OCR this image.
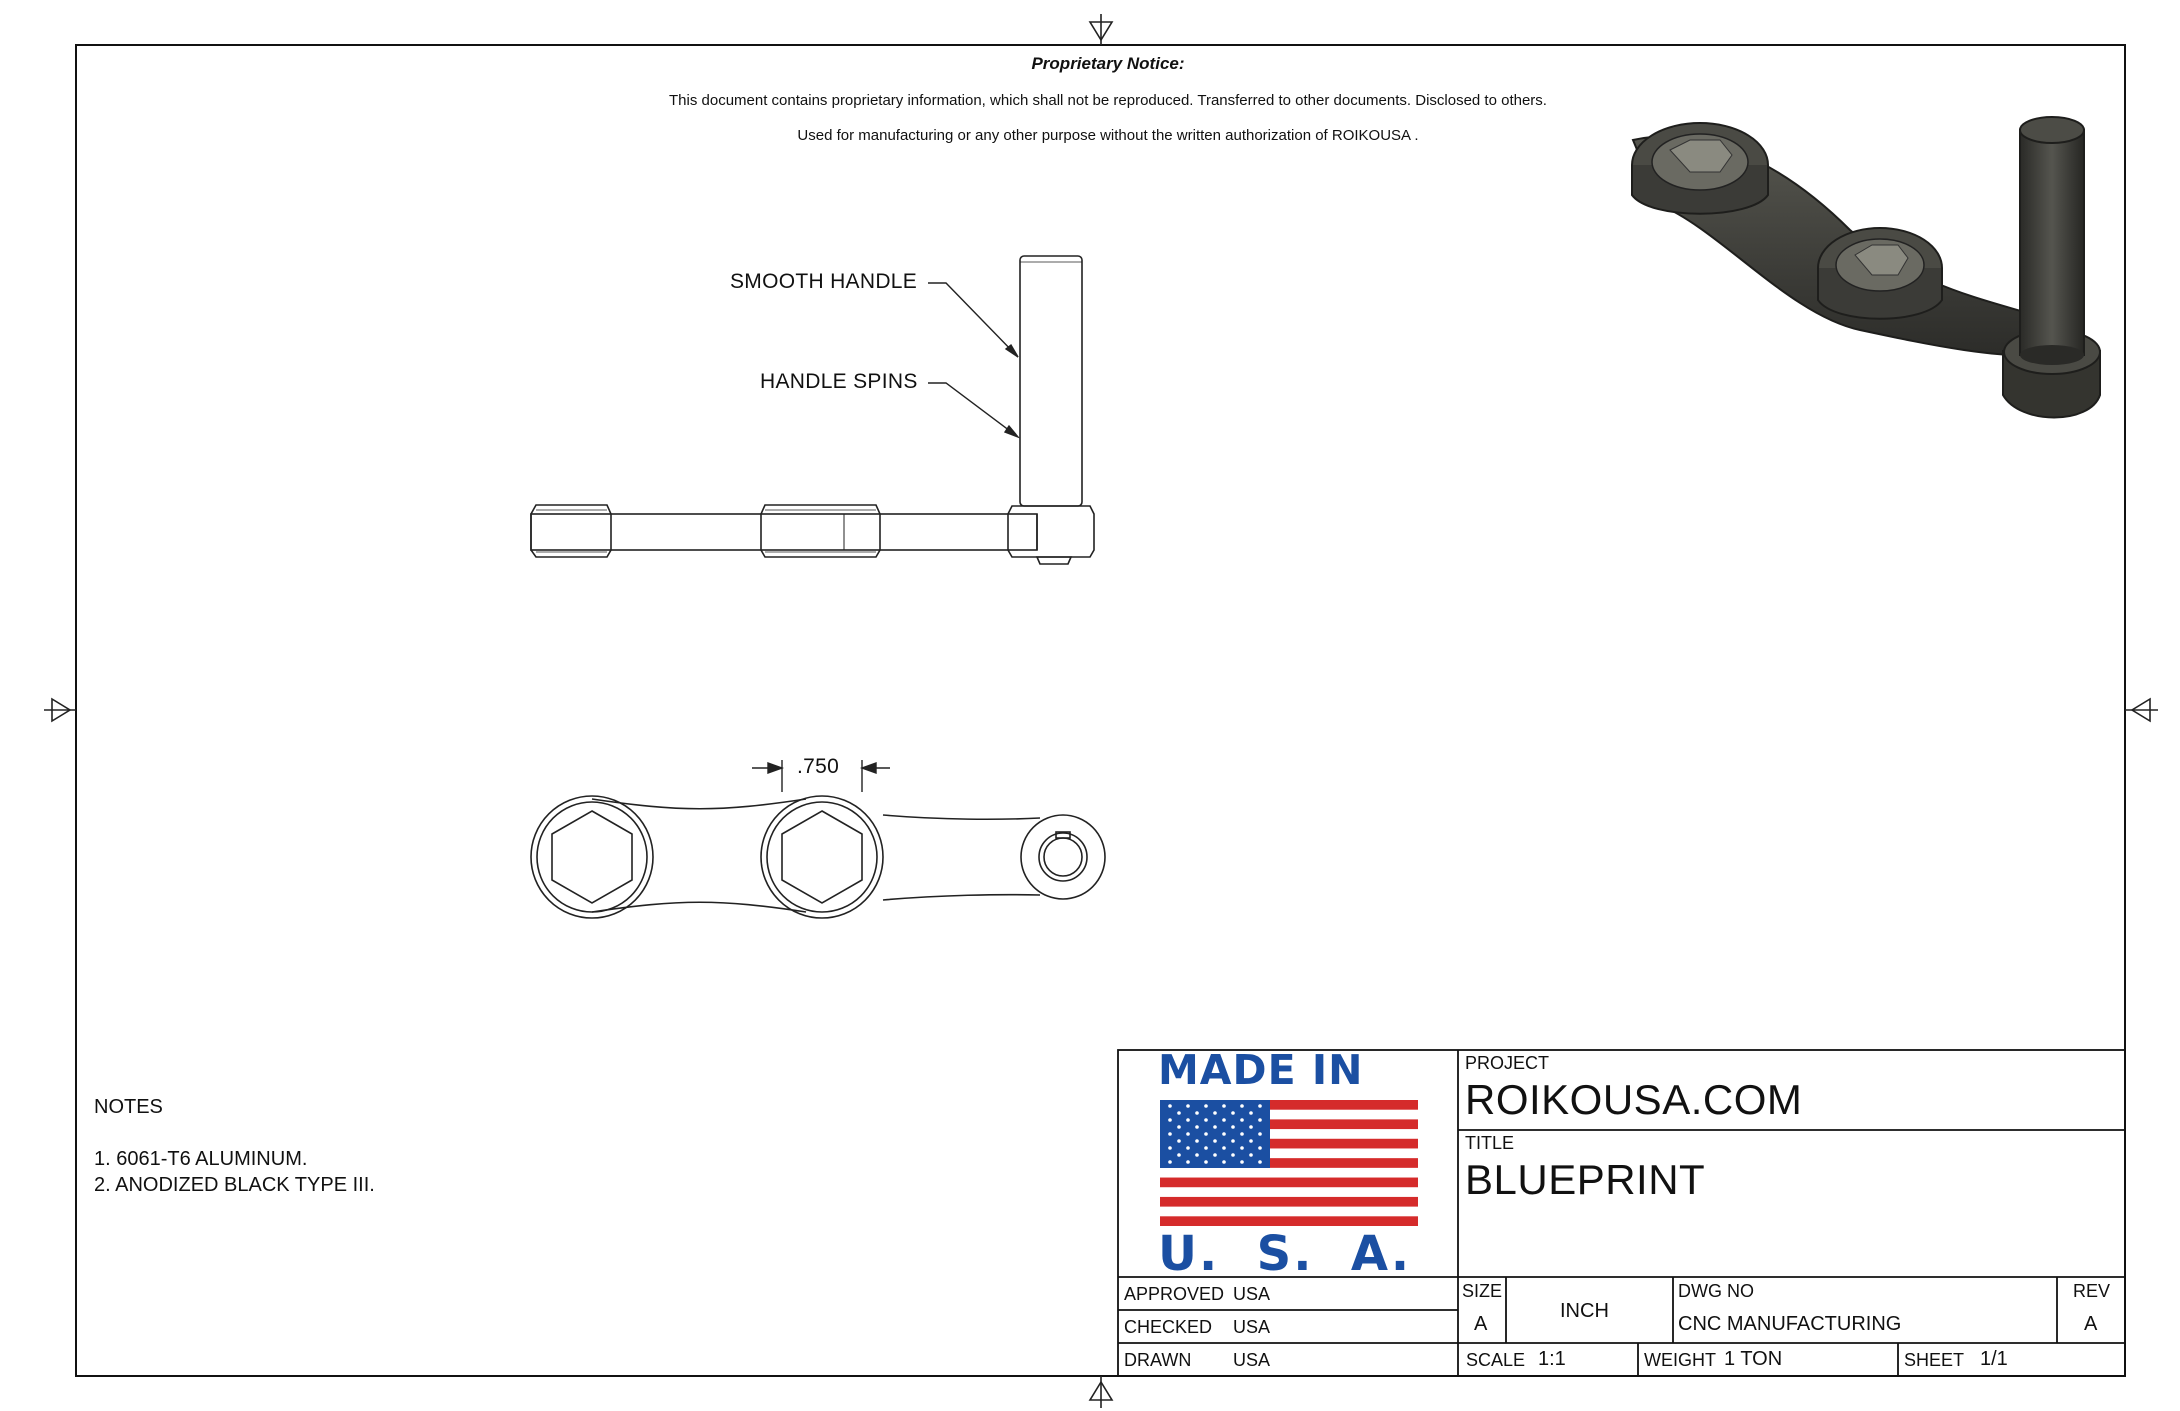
Proprietary Notice:
This document contains proprietary information, which shall not be reproduced. Transferred to other documents. Disclosed to others.
Used for manufacturing or any other purpose without the written authorization of ROIKOUSA .
SMOOTH HANDLE
HANDLE SPINS
.750
NOTES
1. 6061-T6 ALUMINUM.
2. ANODIZED BLACK TYPE III.
MADE IN
U.  S.  A.
PROJECT
ROIKOUSA.COM
TITLE
BLUEPRINT
APPROVED USA
CHECKED USA
DRAWN USA
SIZE
A
INCH
DWG NO
CNC MANUFACTURING
REV
A
SCALE 1:1	WEIGHT 1 TON	SHEET 1/1
